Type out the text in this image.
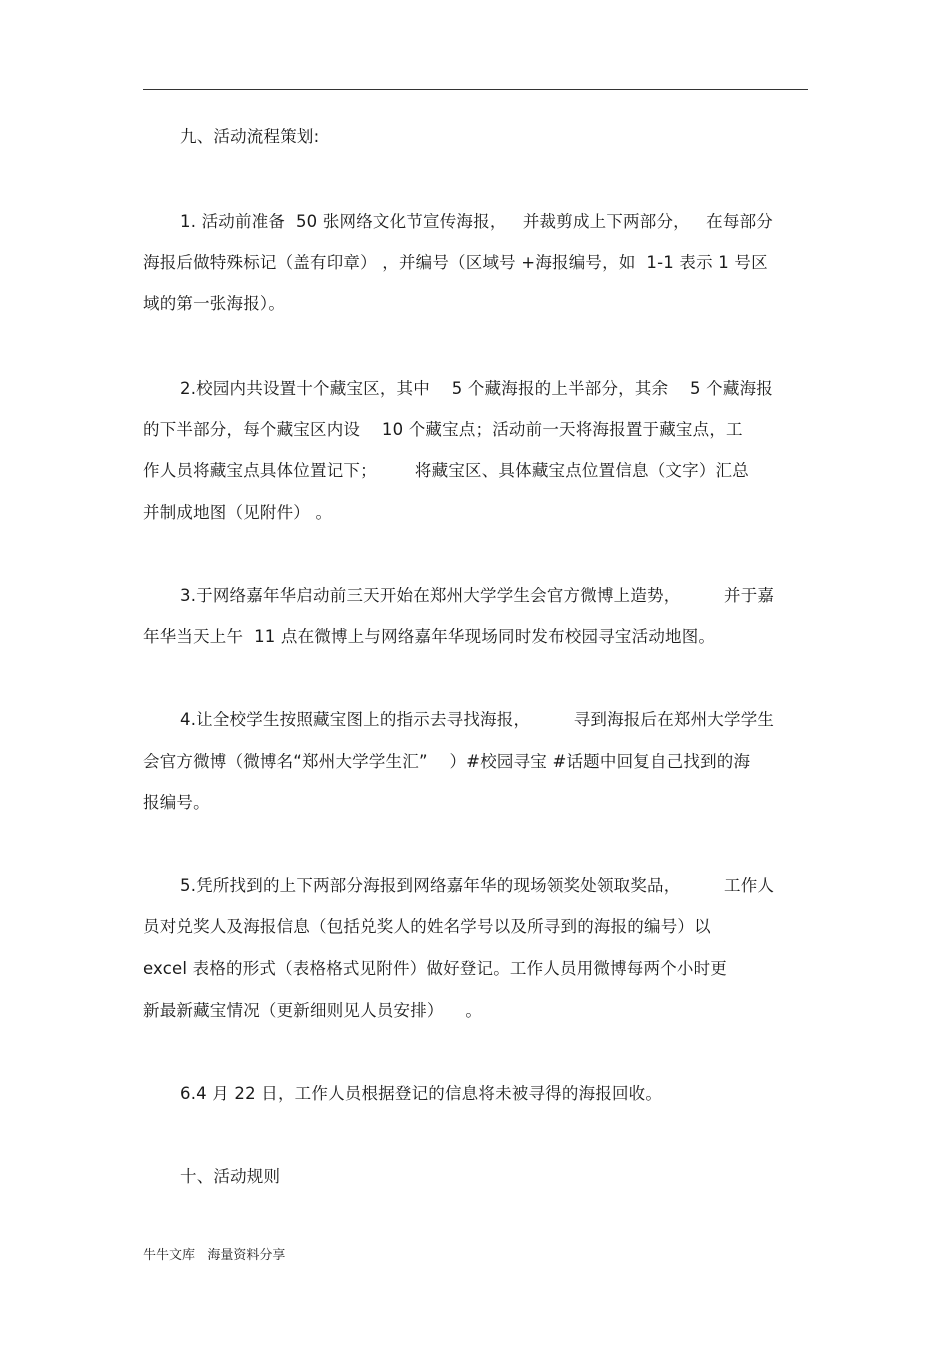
九、活动流程策划:
1. 活动前准备  50 张网络文化节宣传海报，   并裁剪成上下两部分，   在每部分
海报后做特殊标记（盖有印章） ，并编号（区域号 +海报编号，如  1-1 表示 1 号区
域的第一张海报）。
2.校园内共设置十个藏宝区，其中    5 个藏海报的上半部分，其余    5 个藏海报
的下半部分，每个藏宝区内设    10 个藏宝点；活动前一天将海报置于藏宝点，工
作人员将藏宝点具体位置记下；       将藏宝区、具体藏宝点位置信息（文字）汇总
并制成地图（见附件） 。
3.于网络嘉年华启动前三天开始在郑州大学学生会官方微博上造势，        并于嘉
年华当天上午  11 点在微博上与网络嘉年华现场同时发布校园寻宝活动地图。
4.让全校学生按照藏宝图上的指示去寻找海报，        寻到海报后在郑州大学学生
会官方微博（微博名“郑州大学学生汇”    ）#校园寻宝 #话题中回复自己找到的海
报编号。
5.凭所找到的上下两部分海报到网络嘉年华的现场领奖处领取奖品，        工作人
员对兑奖人及海报信息（包括兑奖人的姓名学号以及所寻到的海报的编号）以
excel 表格的形式（表格格式见附件）做好登记。工作人员用微博每两个小时更
新最新藏宝情况（更新细则见人员安排）    。
6.4 月 22 日，工作人员根据登记的信息将未被寻得的海报回收。
十、活动规则
牛牛文库   海量资料分享
